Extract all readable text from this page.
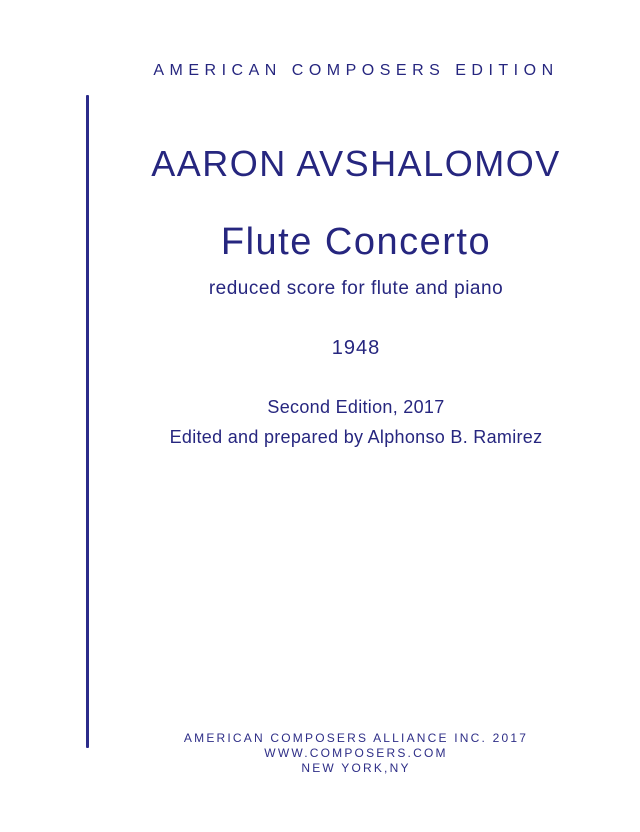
AMERICAN COMPOSERS EDITION
AARON AVSHALOMOV
Flute Concerto
reduced score for flute and piano
1948
Second Edition, 2017
Edited and prepared by Alphonso B. Ramirez
AMERICAN COMPOSERS ALLIANCE INC. 2017
WWW.COMPOSERS.COM
NEW YORK,NY
